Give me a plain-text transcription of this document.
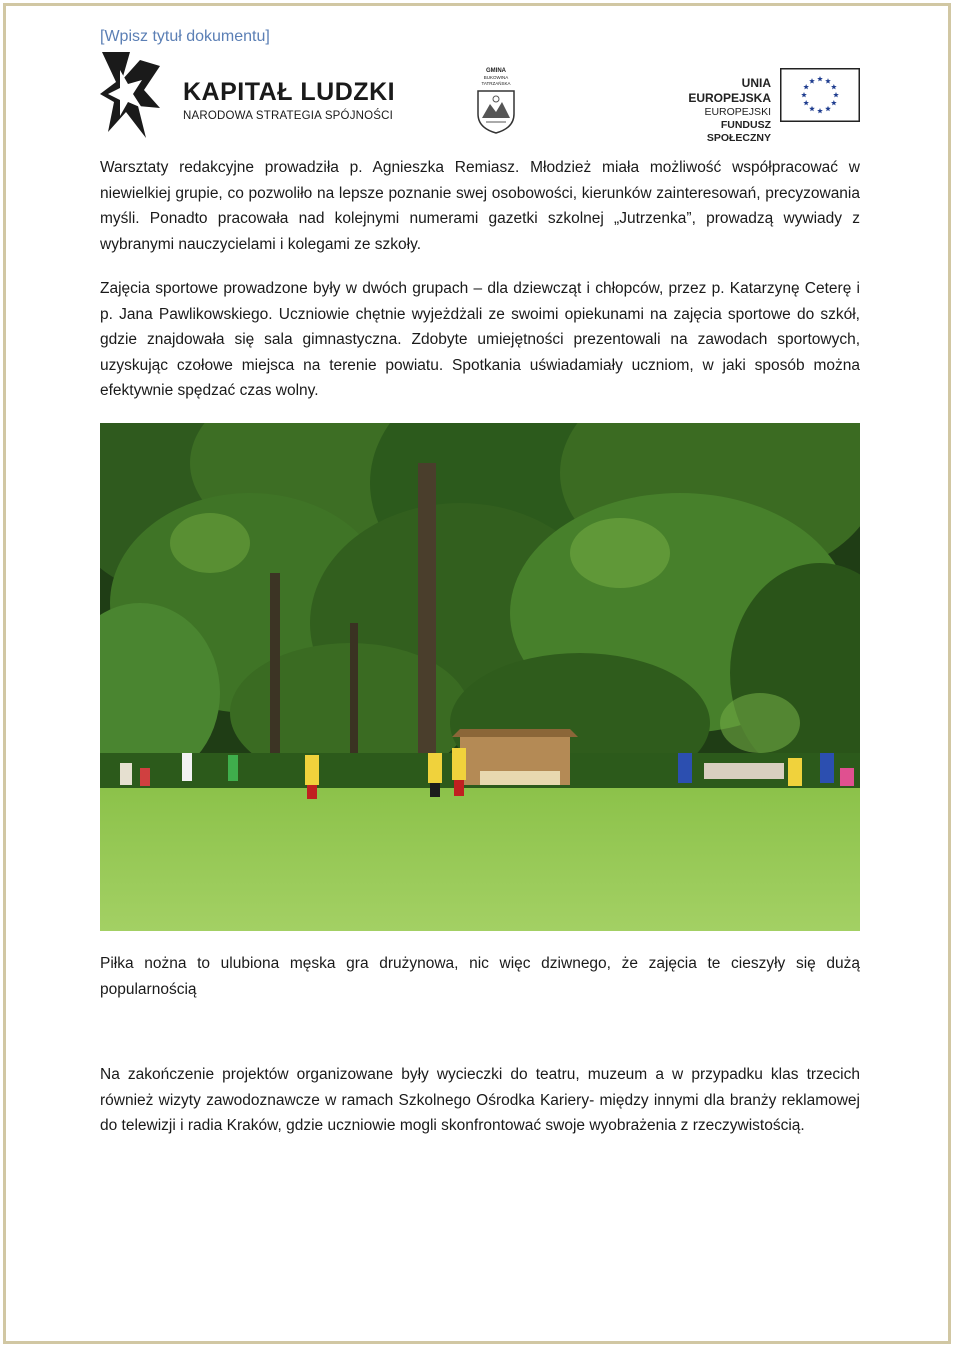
[Wpisz tytuł dokumentu]
KAPITAŁ LUDZKI
NARODOWA STRATEGIA SPÓJNOŚCI
GMINA
BUKOWINA TATRZAŃSKA	UNIA EUROPEJSKA
EUROPEJSKI
FUNDUSZ SPOŁECZNY
Warsztaty redakcyjne prowadziła p. Agnieszka Remiasz. Młodzież miała możliwość współpracować w niewielkiej grupie, co pozwoliło na lepsze poznanie swej osobowości, kierunków zainteresowań, precyzowania myśli. Ponadto pracowała nad kolejnymi numerami gazetki szkolnej „Jutrzenka”, prowadzą wywiady z wybranymi nauczycielami i kolegami ze szkoły.
Zajęcia sportowe prowadzone były w dwóch grupach – dla dziewcząt i chłopców, przez p. Katarzynę Ceterę i p. Jana Pawlikowskiego. Uczniowie chętnie wyjeżdżali ze swoimi opiekunami na zajęcia sportowe do szkół, gdzie znajdowała się sala gimnastyczna. Zdobyte umiejętności prezentowali na zawodach sportowych, uzyskując czołowe miejsca na terenie powiatu. Spotkania uświadamiały uczniom, w jaki sposób można efektywnie spędzać czas wolny.
Piłka nożna to ulubiona męska gra drużynowa, nic więc dziwnego, że zajęcia te cieszyły się dużą popularnością
Na zakończenie projektów organizowane były wycieczki do teatru, muzeum a w przypadku klas trzecich również wizyty zawodoznawcze w ramach Szkolnego Ośrodka Kariery- między innymi dla branży reklamowej do telewizji i radia Kraków, gdzie uczniowie mogli skonfrontować swoje wyobrażenia z rzeczywistością.
